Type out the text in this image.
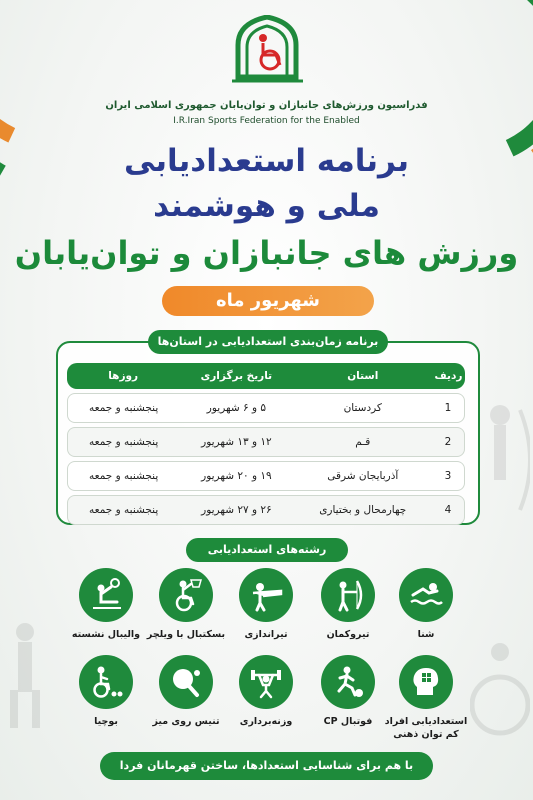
فدراسیون ورزش‌های جانبازان و توان‌یابان جمهوری اسلامی ایران
I.R.Iran Sports Federation for the Enabled
برنامه استعدادیابی
ملی و هوشمند
ورزش های جانبازان و توان‌یابان
شهریور ماه
برنامه زمان‌بندی استعدادیابی در استان‌ها
ردیف	استان	تاریخ برگزاری	روزها
1	کردستان	۵ و ۶ شهریور	پنجشنبه و جمعه
2	قـم	۱۲ و ۱۳ شهریور	پنجشنبه و جمعه
3	آذربایجان شرقی	۱۹ و ۲۰ شهریور	پنجشنبه و جمعه
4	چهارمحال و بختیاری	۲۶ و ۲۷ شهریور	پنجشنبه و جمعه
رشته‌های استعدادیابی
شنا
تیروکمان
تیراندازی
بسکتبال با ویلچر
والیبال نشسته
استعدادیابی افراد کم توان ذهنی
فوتبال CP
وزنه‌برداری
تنیس روی میز
بوچیا
با هم برای شناسایی استعدادها، ساختن قهرمانان فردا
